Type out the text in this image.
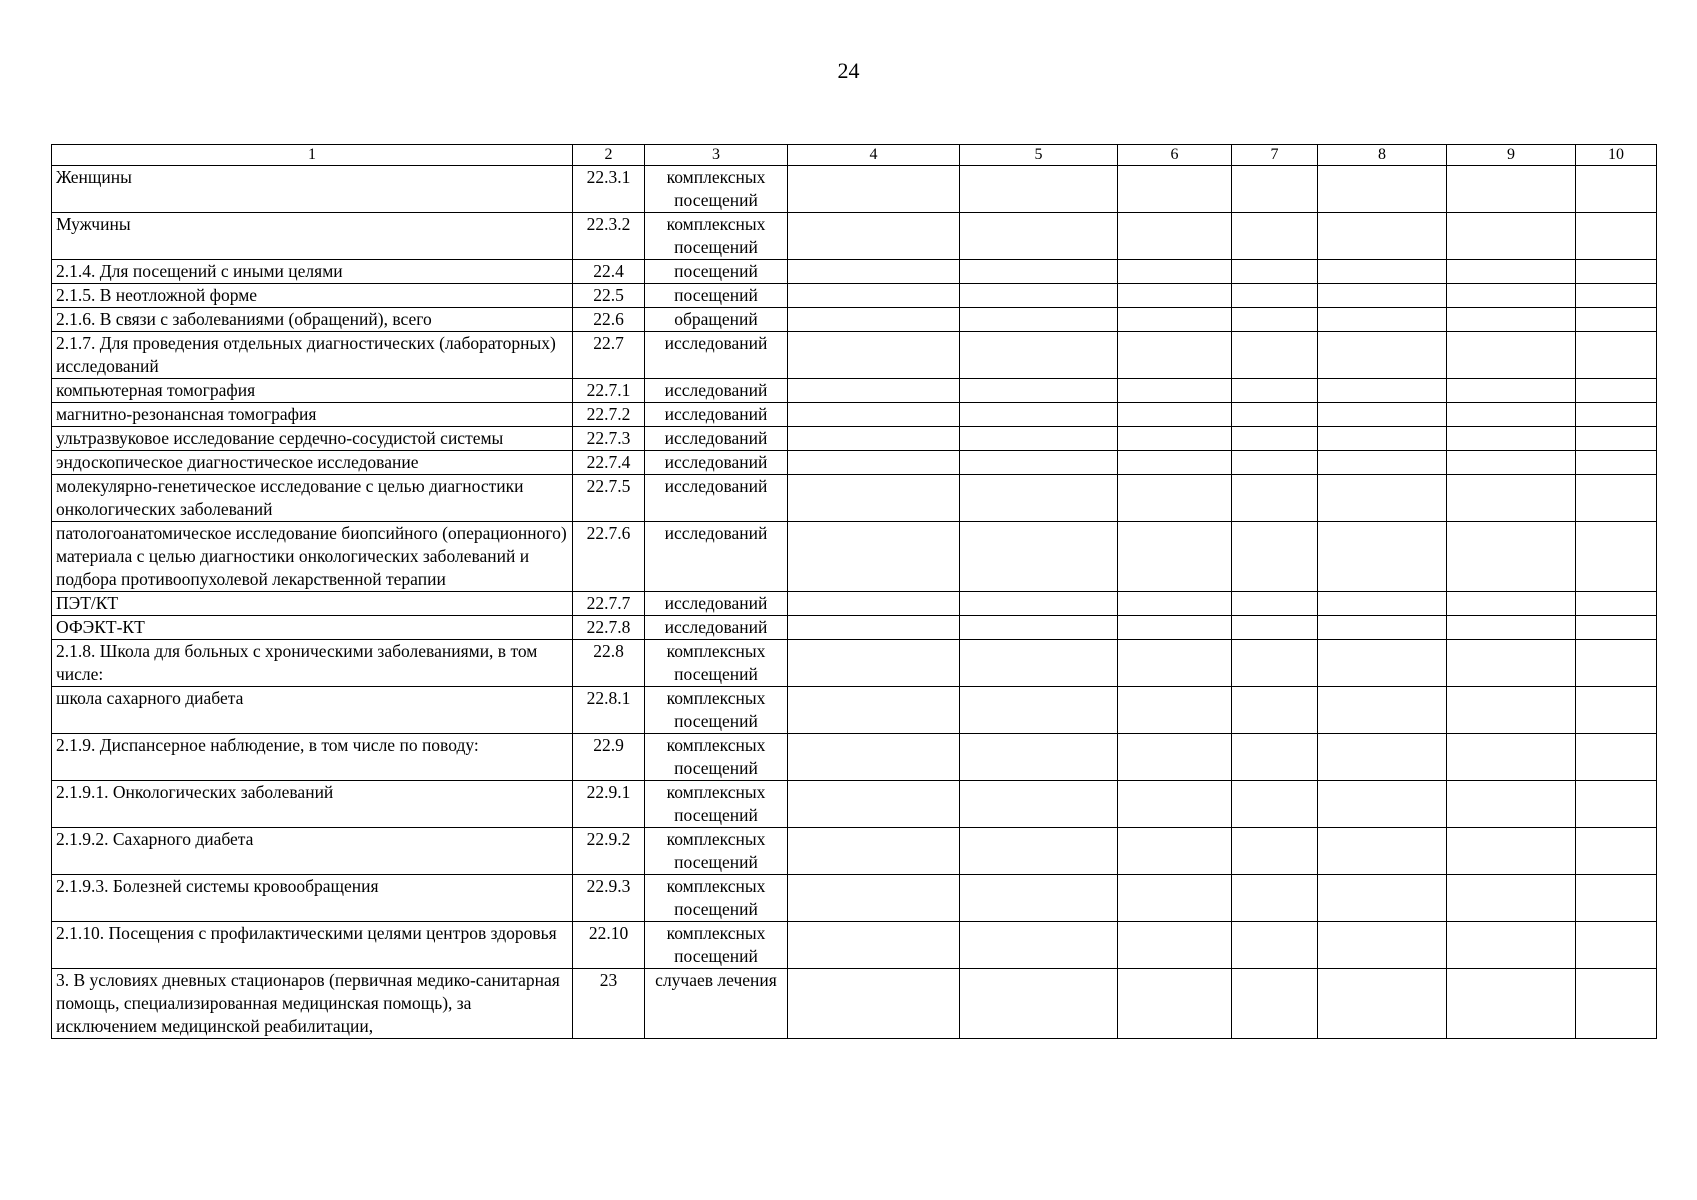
24
1	2	3	4	5	6	7	8	9	10
Женщины	22.3.1	комплексных посещений							
Мужчины	22.3.2	комплексных посещений							
2.1.4. Для посещений с иными целями	22.4	посещений							
2.1.5. В неотложной форме	22.5	посещений							
2.1.6. В связи с заболеваниями (обращений), всего	22.6	обращений							
2.1.7. Для проведения отдельных диагностических (лабораторных) исследований	22.7	исследований							
компьютерная томография	22.7.1	исследований							
магнитно-резонансная томография	22.7.2	исследований							
ультразвуковое исследование сердечно-сосудистой системы	22.7.3	исследований							
эндоскопическое диагностическое исследование	22.7.4	исследований							
молекулярно-генетическое исследование с целью диагностики онкологических заболеваний	22.7.5	исследований							
патологоанатомическое исследование биопсийного (операционного) материала с целью диагностики онкологических заболеваний и подбора противоопухолевой лекарственной терапии	22.7.6	исследований							
ПЭТ/КТ	22.7.7	исследований							
ОФЭКТ-КТ	22.7.8	исследований							
2.1.8. Школа для больных с хроническими заболеваниями, в том числе:	22.8	комплексных посещений							
школа сахарного диабета	22.8.1	комплексных посещений							
2.1.9. Диспансерное наблюдение, в том числе по поводу:	22.9	комплексных посещений							
2.1.9.1. Онкологических заболеваний	22.9.1	комплексных посещений							
2.1.9.2. Сахарного диабета	22.9.2	комплексных посещений							
2.1.9.3. Болезней системы кровообращения	22.9.3	комплексных посещений							
2.1.10. Посещения с профилактическими целями центров здоровья	22.10	комплексных посещений							
3. В условиях дневных стационаров (первичная медико-санитарная помощь, специализированная медицинская помощь), за исключением медицинской реабилитации,	23	случаев лечения							
